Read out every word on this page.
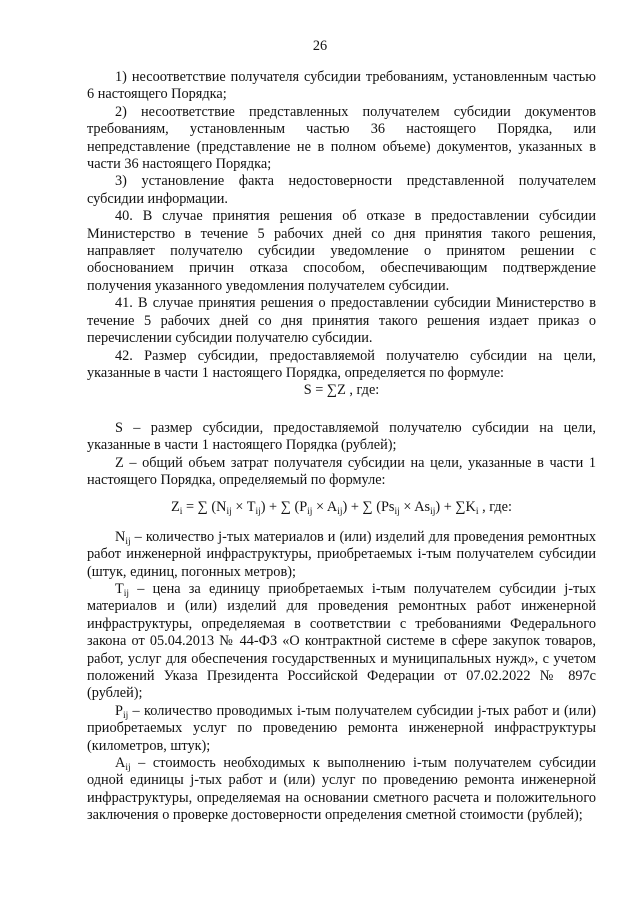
26

1) несоответствие получателя субсидии требованиям, установленным частью 6 настоящего Порядка;

2) несоответствие представленных получателем субсидии документов требованиям, установленным частью 36 настоящего Порядка, или непредставление (представление не в полном объеме) документов, указанных в части 36 настоящего Порядка;

3) установление факта недостоверности представленной получателем субсидии информации.

40. В случае принятия решения об отказе в предоставлении субсидии Министерство в течение 5 рабочих дней со дня принятия такого решения, направляет получателю субсидии уведомление о принятом решении с обоснованием причин отказа способом, обеспечивающим подтверждение получения указанного уведомления получателем субсидии.

41. В случае принятия решения о предоставлении субсидии Министерство в течение 5 рабочих дней со дня принятия такого решения издает приказ о перечислении субсидии получателю субсидии.

42. Размер субсидии, предоставляемой получателю субсидии на цели, указанные в части 1 настоящего Порядка, определяется по формуле:

S = ∑Z , где:

S – размер субсидии, предоставляемой получателю субсидии на цели, указанные в части 1 настоящего Порядка (рублей);

Z – общий объем затрат получателя субсидии на цели, указанные в части 1 настоящего Порядка, определяемый по формуле:

$Z_i$ = ∑ $(N_{ij} \times T_{ij})$ + ∑ $(P_{ij} \times A_{ij})$ + ∑ $(Ps_{ij} \times As_{ij}) + \sum K_i$ , где:

$N_{ij}$ – количество j-тых материалов и (или) изделий для проведения ремонтных работ инженерной инфраструктуры, приобретаемых i-тым получателем субсидии (штук, единиц, погонных метров);

$T_{ij}$ – цена за единицу приобретаемых i-тым получателем субсидии j-тых материалов и (или) изделий для проведения ремонтных работ инженерной инфраструктуры, определяемая в соответствии с требованиями Федерального закона от 05.04.2013 № 44-ФЗ «О контрактной системе в сфере закупок товаров, работ, услуг для обеспечения государственных и муниципальных нужд», с учетом положений Указа Президента Российской Федерации от 07.02.2022 № 897с (рублей);

$P_{ij}$ – количество проводимых i-тым получателем субсидии j-тых работ и (или) приобретаемых услуг по проведению ремонта инженерной инфраструктуры (километров, штук);

$A_{ij}$ – стоимость необходимых к выполнению i-тым получателем субсидии одной единицы j-тых работ и (или) услуг по проведению ремонта инженерной инфраструктуры, определяемая на основании сметного расчета и положительного заключения о проверке достоверности определения сметной стоимости (рублей);
